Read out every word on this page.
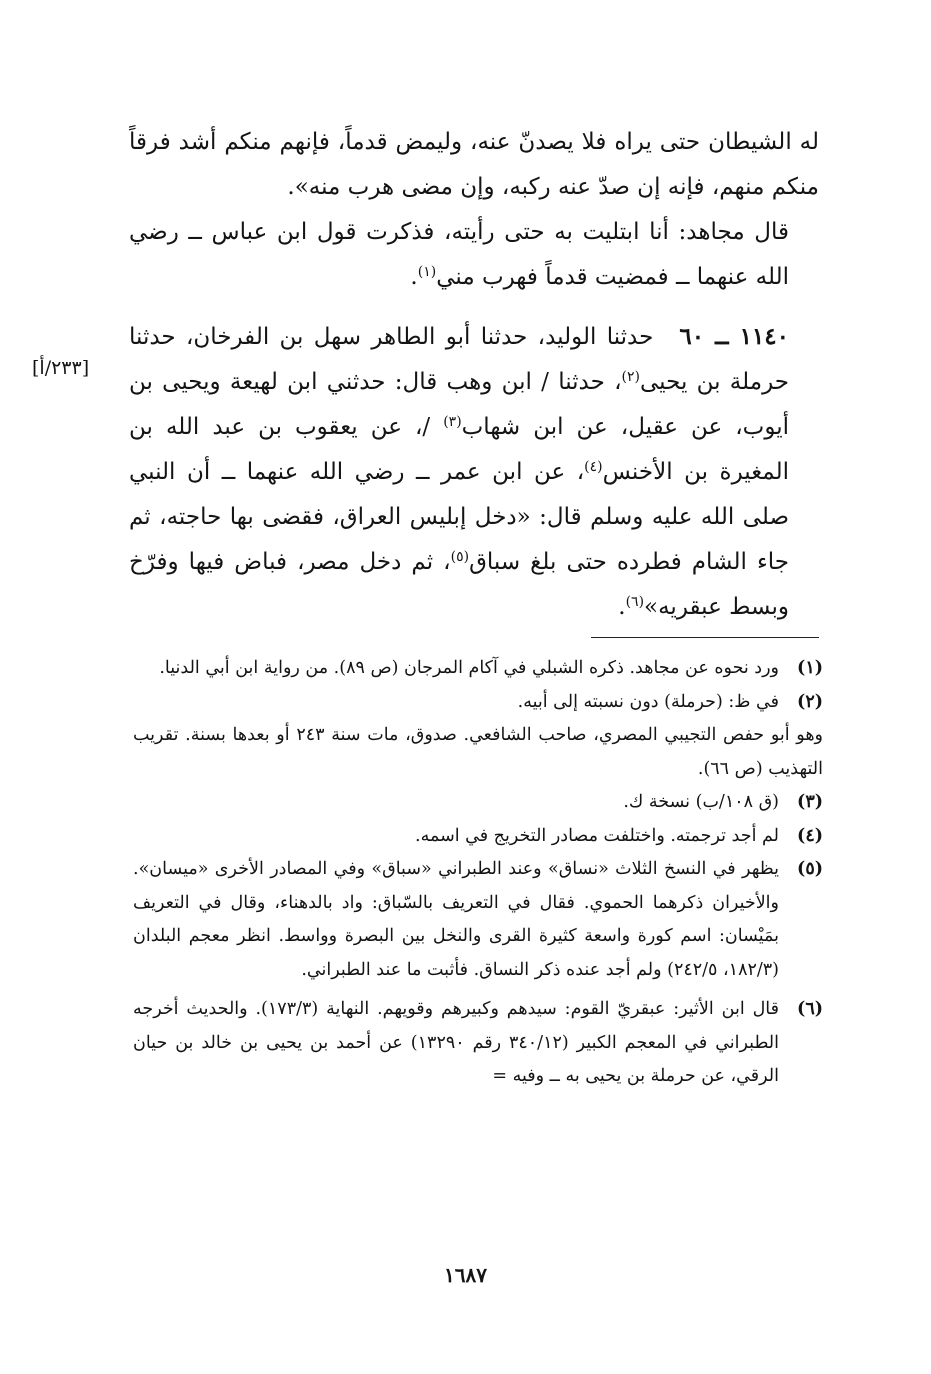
له الشيطان حتى يراه فلا يصدنّ عنه، وليمض قدماً، فإنهم منكم أشد فرقاً منكم منهم، فإنه إن صدّ عنه ركبه، وإن مضى هرب منه».

قال مجاهد: أنا ابتليت به حتى رأيته، فذكرت قول ابن عباس ــ رضي الله عنهما ــ فمضيت قدماً فهرب مني$^{(١)}$.

١١٤٠ ــ ٦٠حدثنا الوليد، حدثنا أبو الطاهر سهل بن الفرخان، حدثنا حرملة بن يحيى$^{(٢)}$، حدثنا / ابن وهب قال: حدثني ابن لهيعة ويحيى بن أيوب، عن عقيل، عن ابن شهاب$^{(٣)}$ /، عن يعقوب بن عبد الله بن المغيرة بن الأخنس$^{(٤)}$، عن ابن عمر ــ رضي الله عنهما ــ أن النبي صلى الله عليه وسلم قال: «دخل إبليس العراق، فقضى بها حاجته، ثم جاء الشام فطرده حتى بلغ سباق$^{(٥)}$، ثم دخل مصر، فباض فيها وفرّخ وبسط عبقريه»$^{(٦)}$.

[٢٣٣/أ]
(١)
ورد نحوه عن مجاهد. ذكره الشبلي في آكام المرجان (ص ٨٩). من رواية ابن أبي الدنيا.
(٢)
في ظ: (حرملة) دون نسبته إلى أبيه.

وهو أبو حفص التجيبي المصري، صاحب الشافعي. صدوق، مات سنة ٢٤٣ أو بعدها بسنة. تقريب التهذيب (ص ٦٦).

(٣)
(ق ١٠٨/ب) نسخة ك.
(٤)
لم أجد ترجمته. واختلفت مصادر التخريج في اسمه.
(٥)
يظهر في النسخ الثلاث «نساق» وعند الطبراني «سباق» وفي المصادر الأخرى «ميسان». والأخيران ذكرهما الحموي. فقال في التعريف بالسّباق: واد بالدهناء، وقال في التعريف بمَيْسان: اسم كورة واسعة كثيرة القرى والنخل بين البصرة وواسط. انظر معجم البلدان (١٨٢/٣، ٢٤٢/٥) ولم أجد عنده ذكر النساق. فأثبت ما عند الطبراني.
(٦)
قال ابن الأثير: عبقريّ القوم: سيدهم وكبيرهم وقويهم. النهاية (١٧٣/٣). والحديث أخرجه الطبراني في المعجم الكبير (٣٤٠/١٢ رقم ١٣٢٩٠) عن أحمد بن يحيى بن خالد بن حيان الرقي، عن حرملة بن يحيى به ــ وفيه =
١٦٨٧
